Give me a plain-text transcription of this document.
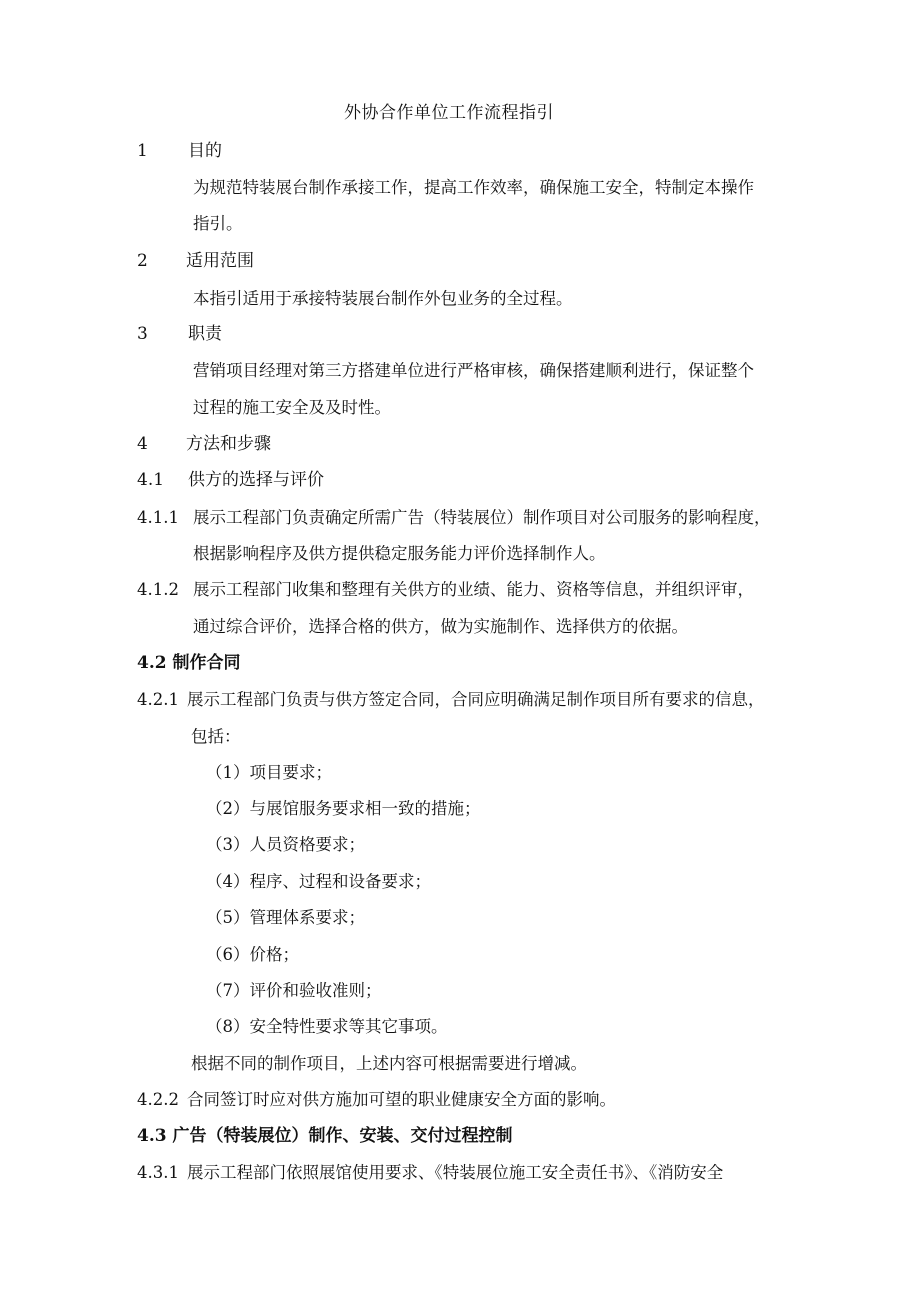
外协合作单位工作流程指引
1 目的
为规范特装展台制作承接工作，提高工作效率，确保施工安全，特制定本操作
指引。
2 适用范围
本指引适用于承接特装展台制作外包业务的全过程。
3 职责
营销项目经理对第三方搭建单位进行严格审核，确保搭建顺利进行，保证整个
过程的施工安全及及时性。
4 方法和步骤
4.1 供方的选择与评价
4.1.1 展示工程部门负责确定所需广告（特装展位）制作项目对公司服务的影响程度，
根据影响程序及供方提供稳定服务能力评价选择制作人。
4.1.2 展示工程部门收集和整理有关供方的业绩、能力、资格等信息，并组织评审，
通过综合评价，选择合格的供方，做为实施制作、选择供方的依据。
4.2 制作合同
4.2.1 展示工程部门负责与供方签定合同，合同应明确满足制作项目所有要求的信息，
包括：
（1）项目要求；
（2）与展馆服务要求相一致的措施；
（3）人员资格要求；
（4）程序、过程和设备要求；
（5）管理体系要求；
（6）价格；
（7）评价和验收准则；
（8）安全特性要求等其它事项。
根据不同的制作项目，上述内容可根据需要进行增减。
4.2.2 合同签订时应对供方施加可望的职业健康安全方面的影响。
4.3 广告（特装展位）制作、安装、交付过程控制
4.3.1 展示工程部门依照展馆使用要求、《特装展位施工安全责任书》、《消防安全
